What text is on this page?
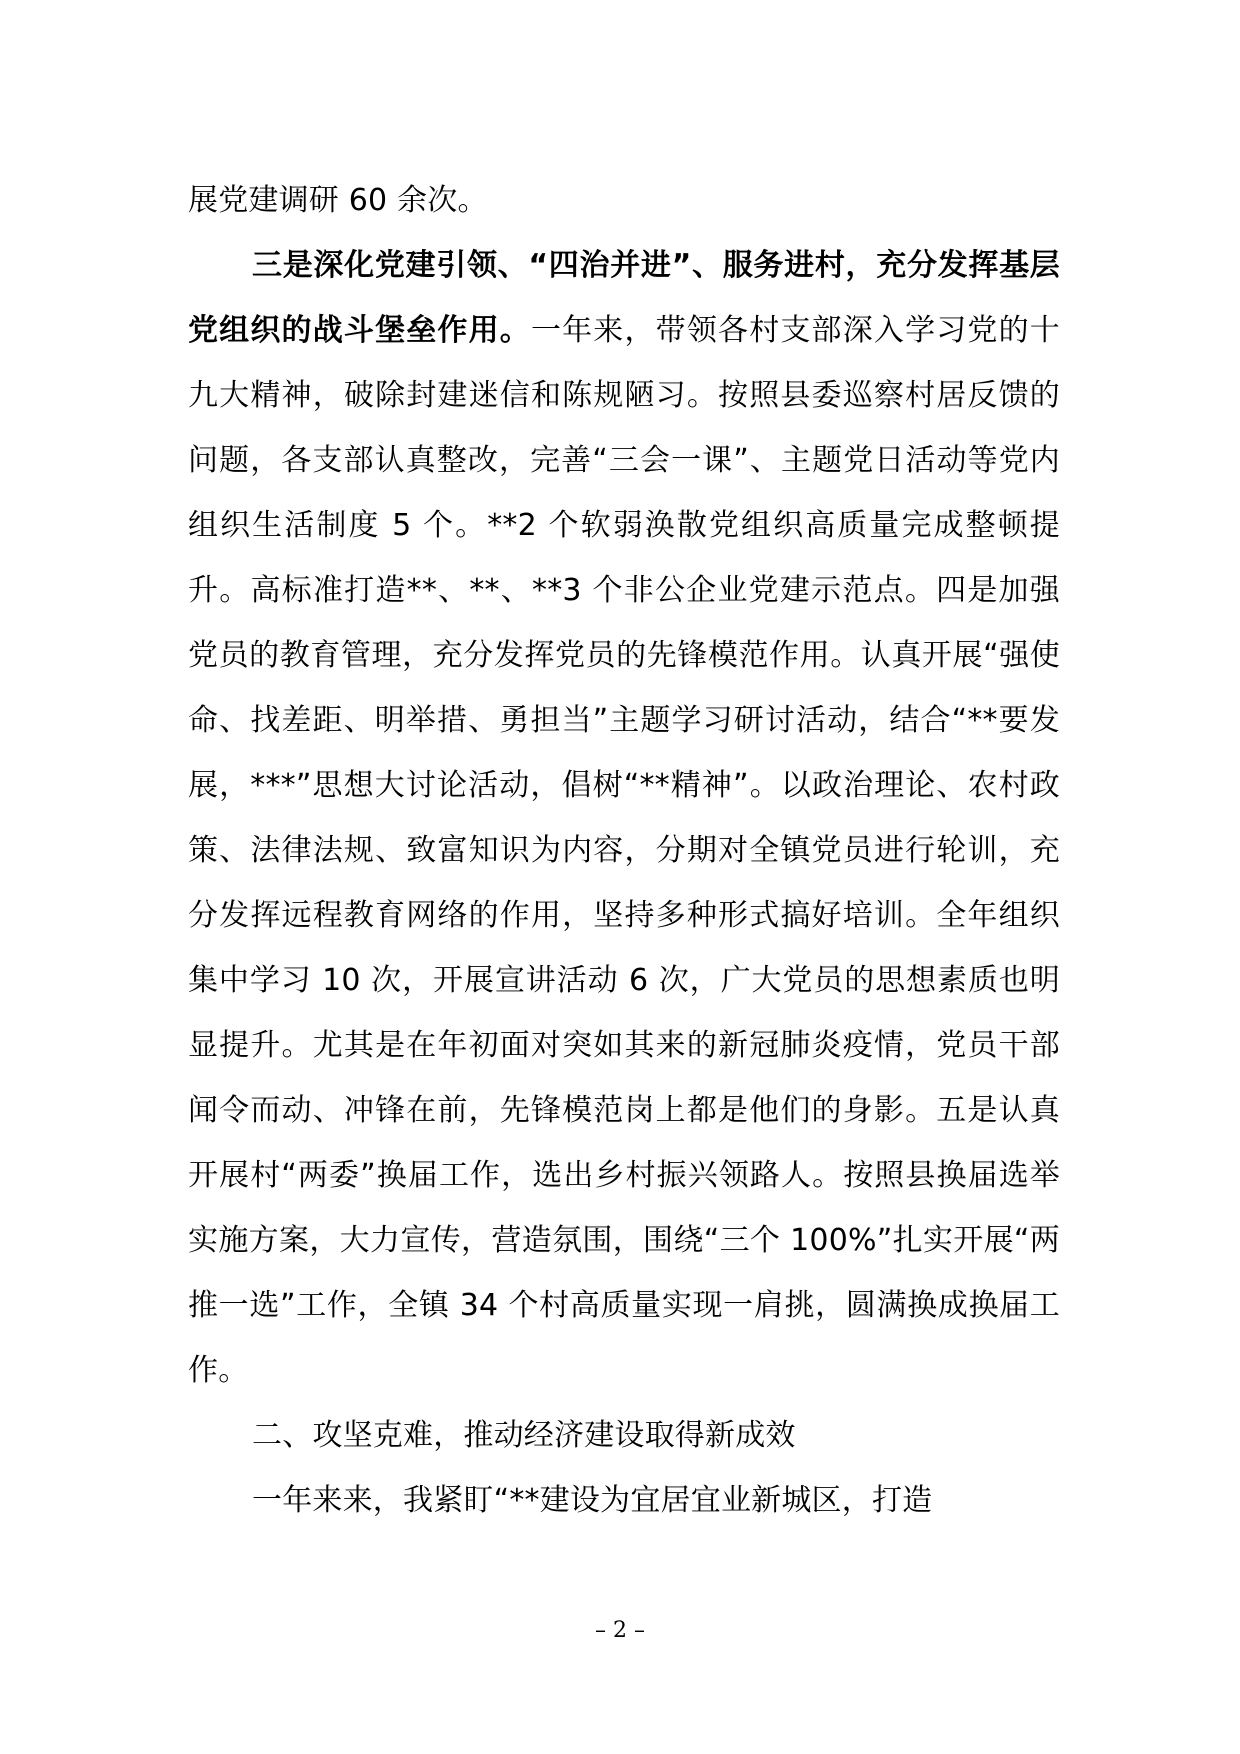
展党建调研 60 余次。

三是深化党建引领、“四治并进”、服务进村，充分发挥基层党组织的战斗堡垒作用。一年来，带领各村支部深入学习党的十九大精神，破除封建迷信和陈规陋习。按照县委巡察村居反馈的问题，各支部认真整改，完善“三会一课”、主题党日活动等党内组织生活制度 5 个。**2 个软弱涣散党组织高质量完成整顿提升。高标准打造**、**、**3 个非公企业党建示范点。四是加强党员的教育管理，充分发挥党员的先锋模范作用。认真开展“强使命、找差距、明举措、勇担当”主题学习研讨活动，结合“**要发展，***”思想大讨论活动，倡树“**精神”。以政治理论、农村政策、法律法规、致富知识为内容，分期对全镇党员进行轮训，充分发挥远程教育网络的作用，坚持多种形式搞好培训。全年组织集中学习 10 次，开展宣讲活动 6 次，广大党员的思想素质也明显提升。尤其是在年初面对突如其来的新冠肺炎疫情，党员干部闻令而动、冲锋在前，先锋模范岗上都是他们的身影。五是认真开展村“两委”换届工作，选出乡村振兴领路人。按照县换届选举实施方案，大力宣传，营造氛围，围绕“三个 100%”扎实开展“两推一选”工作，全镇 34 个村高质量实现一肩挑，圆满换成换届工作。

二、攻坚克难，推动经济建设取得新成效

一年来来，我紧盯“**建设为宜居宜业新城区，打造

– 2 –
